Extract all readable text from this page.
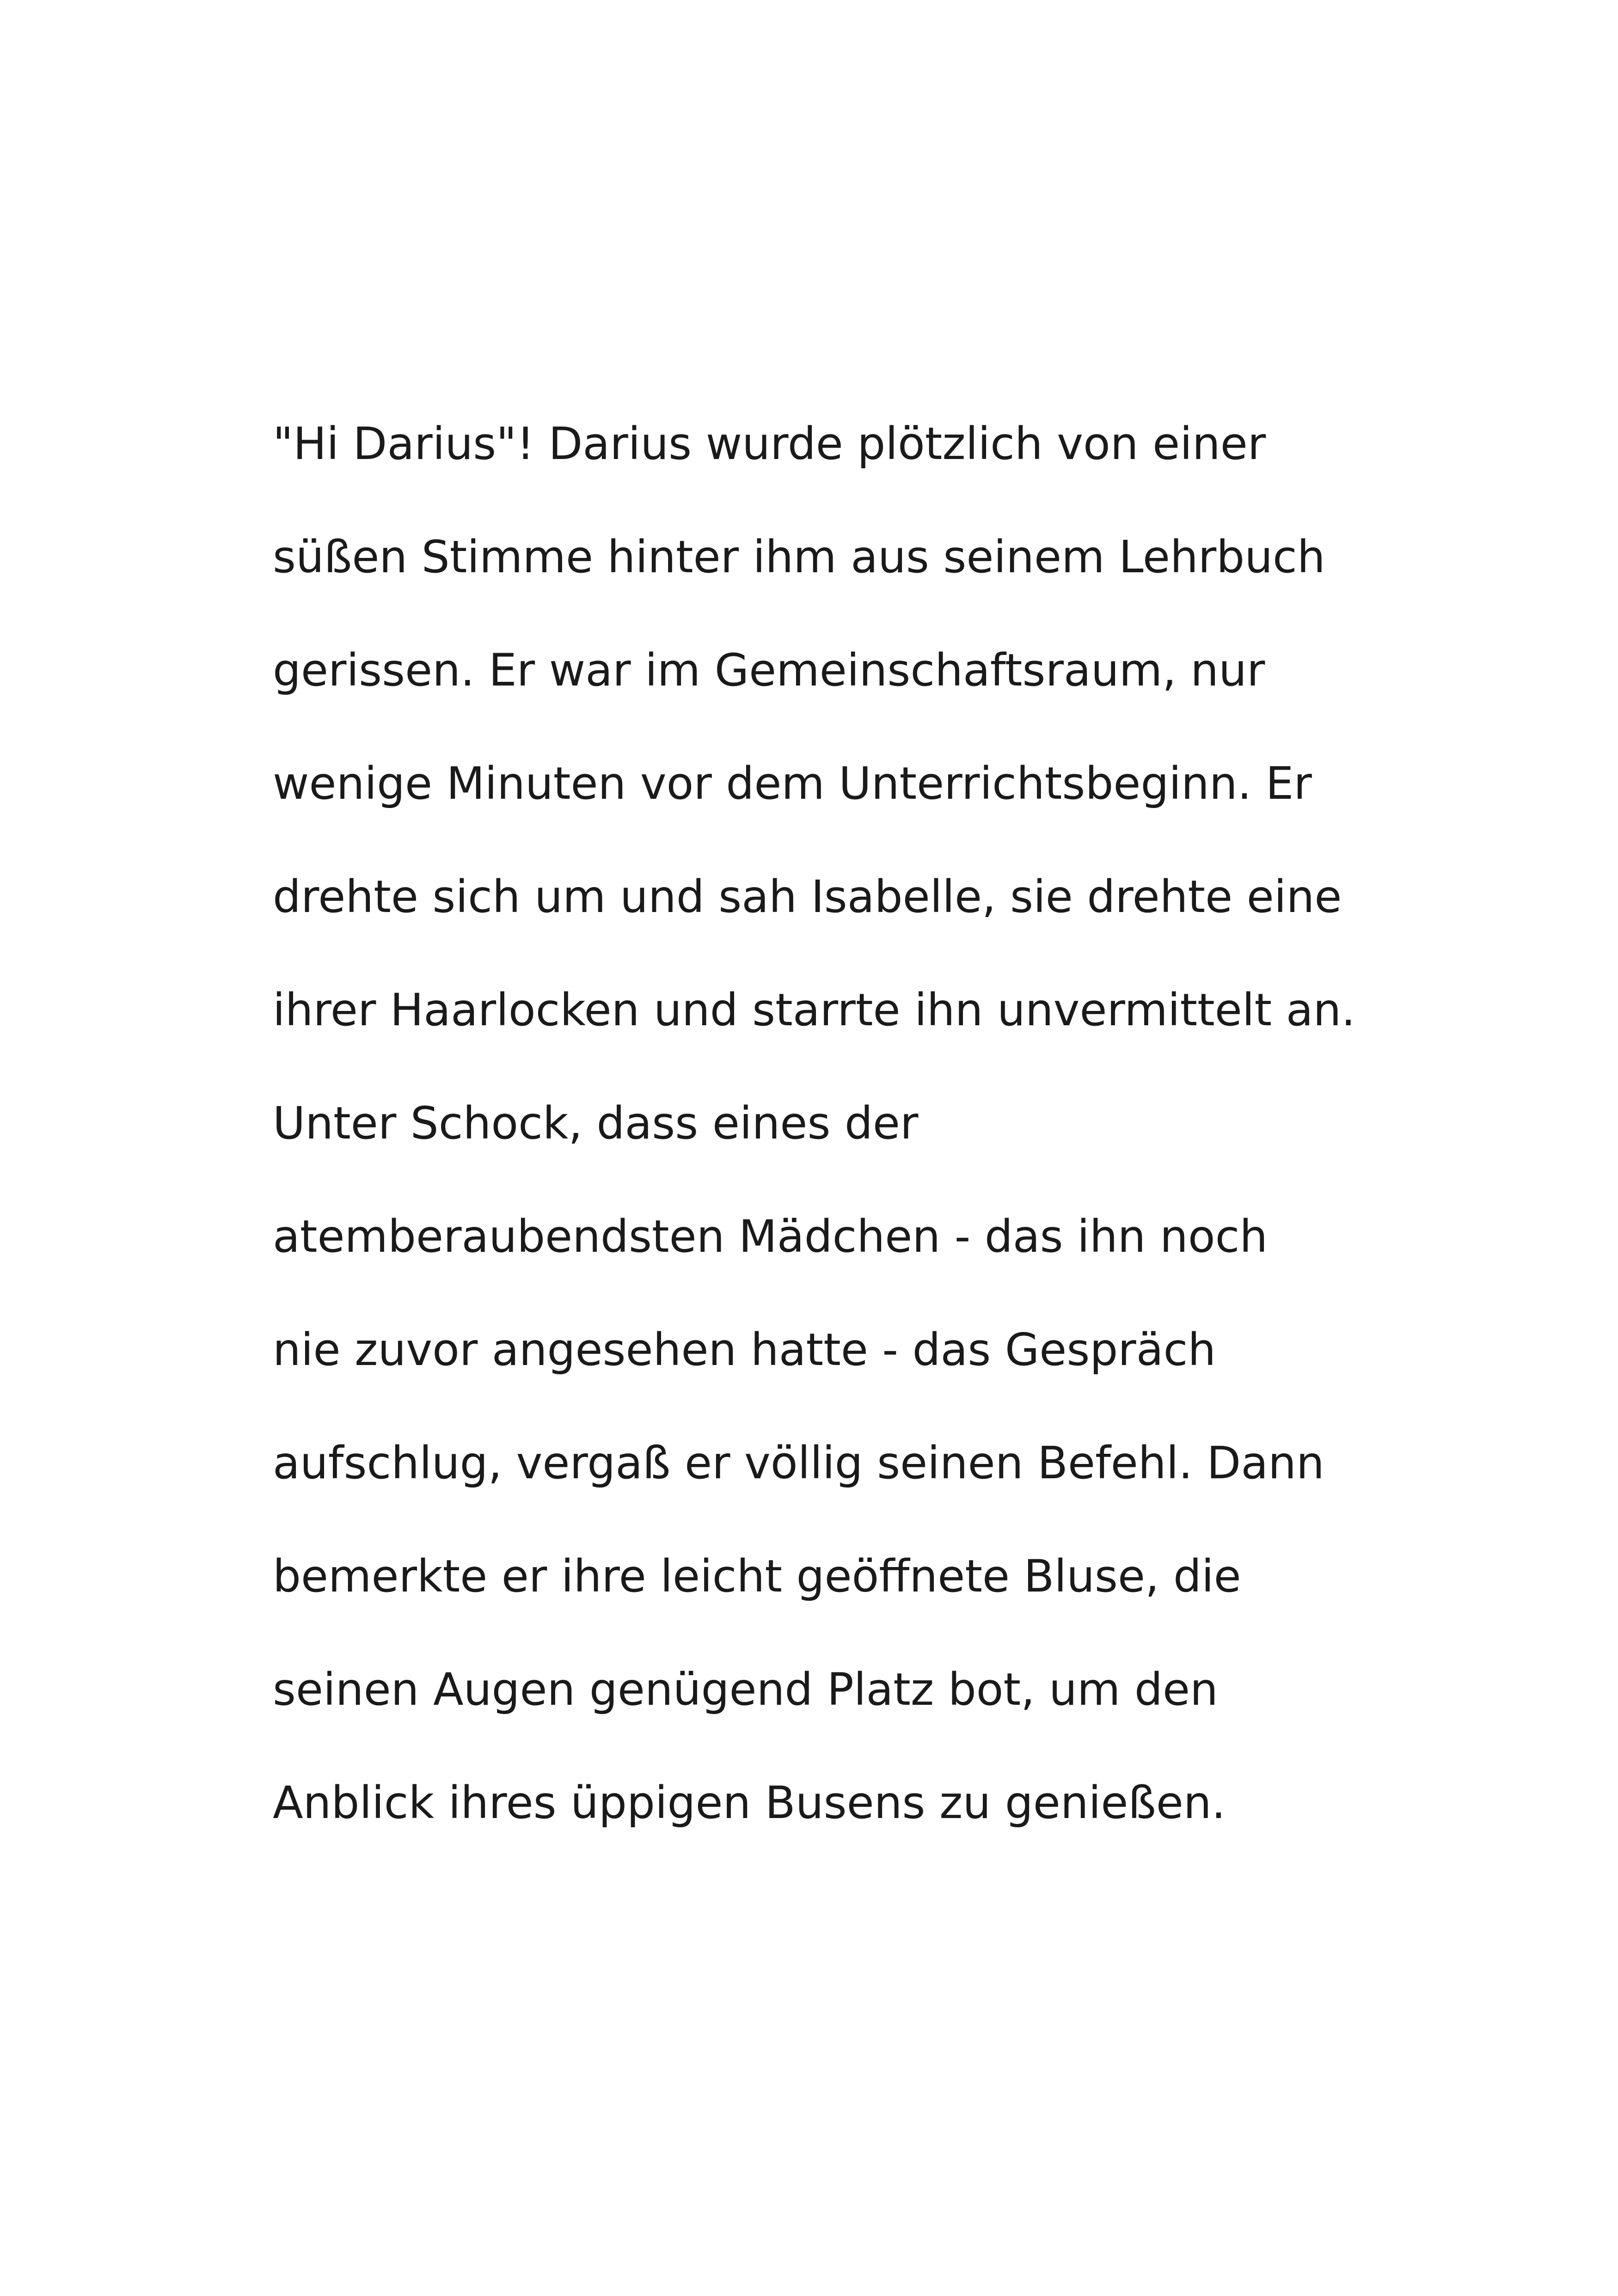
"Hi Darius"! Darius wurde plötzlich von einer
süßen Stimme hinter ihm aus seinem Lehrbuch
gerissen. Er war im Gemeinschaftsraum, nur
wenige Minuten vor dem Unterrichtsbeginn. Er
drehte sich um und sah Isabelle, sie drehte eine
ihrer Haarlocken und starrte ihn unvermittelt an.
Unter Schock, dass eines der
atemberaubendsten Mädchen - das ihn noch
nie zuvor angesehen hatte - das Gespräch
aufschlug, vergaß er völlig seinen Befehl. Dann
bemerkte er ihre leicht geöffnete Bluse, die
seinen Augen genügend Platz bot, um den
Anblick ihres üppigen Busens zu genießen.
